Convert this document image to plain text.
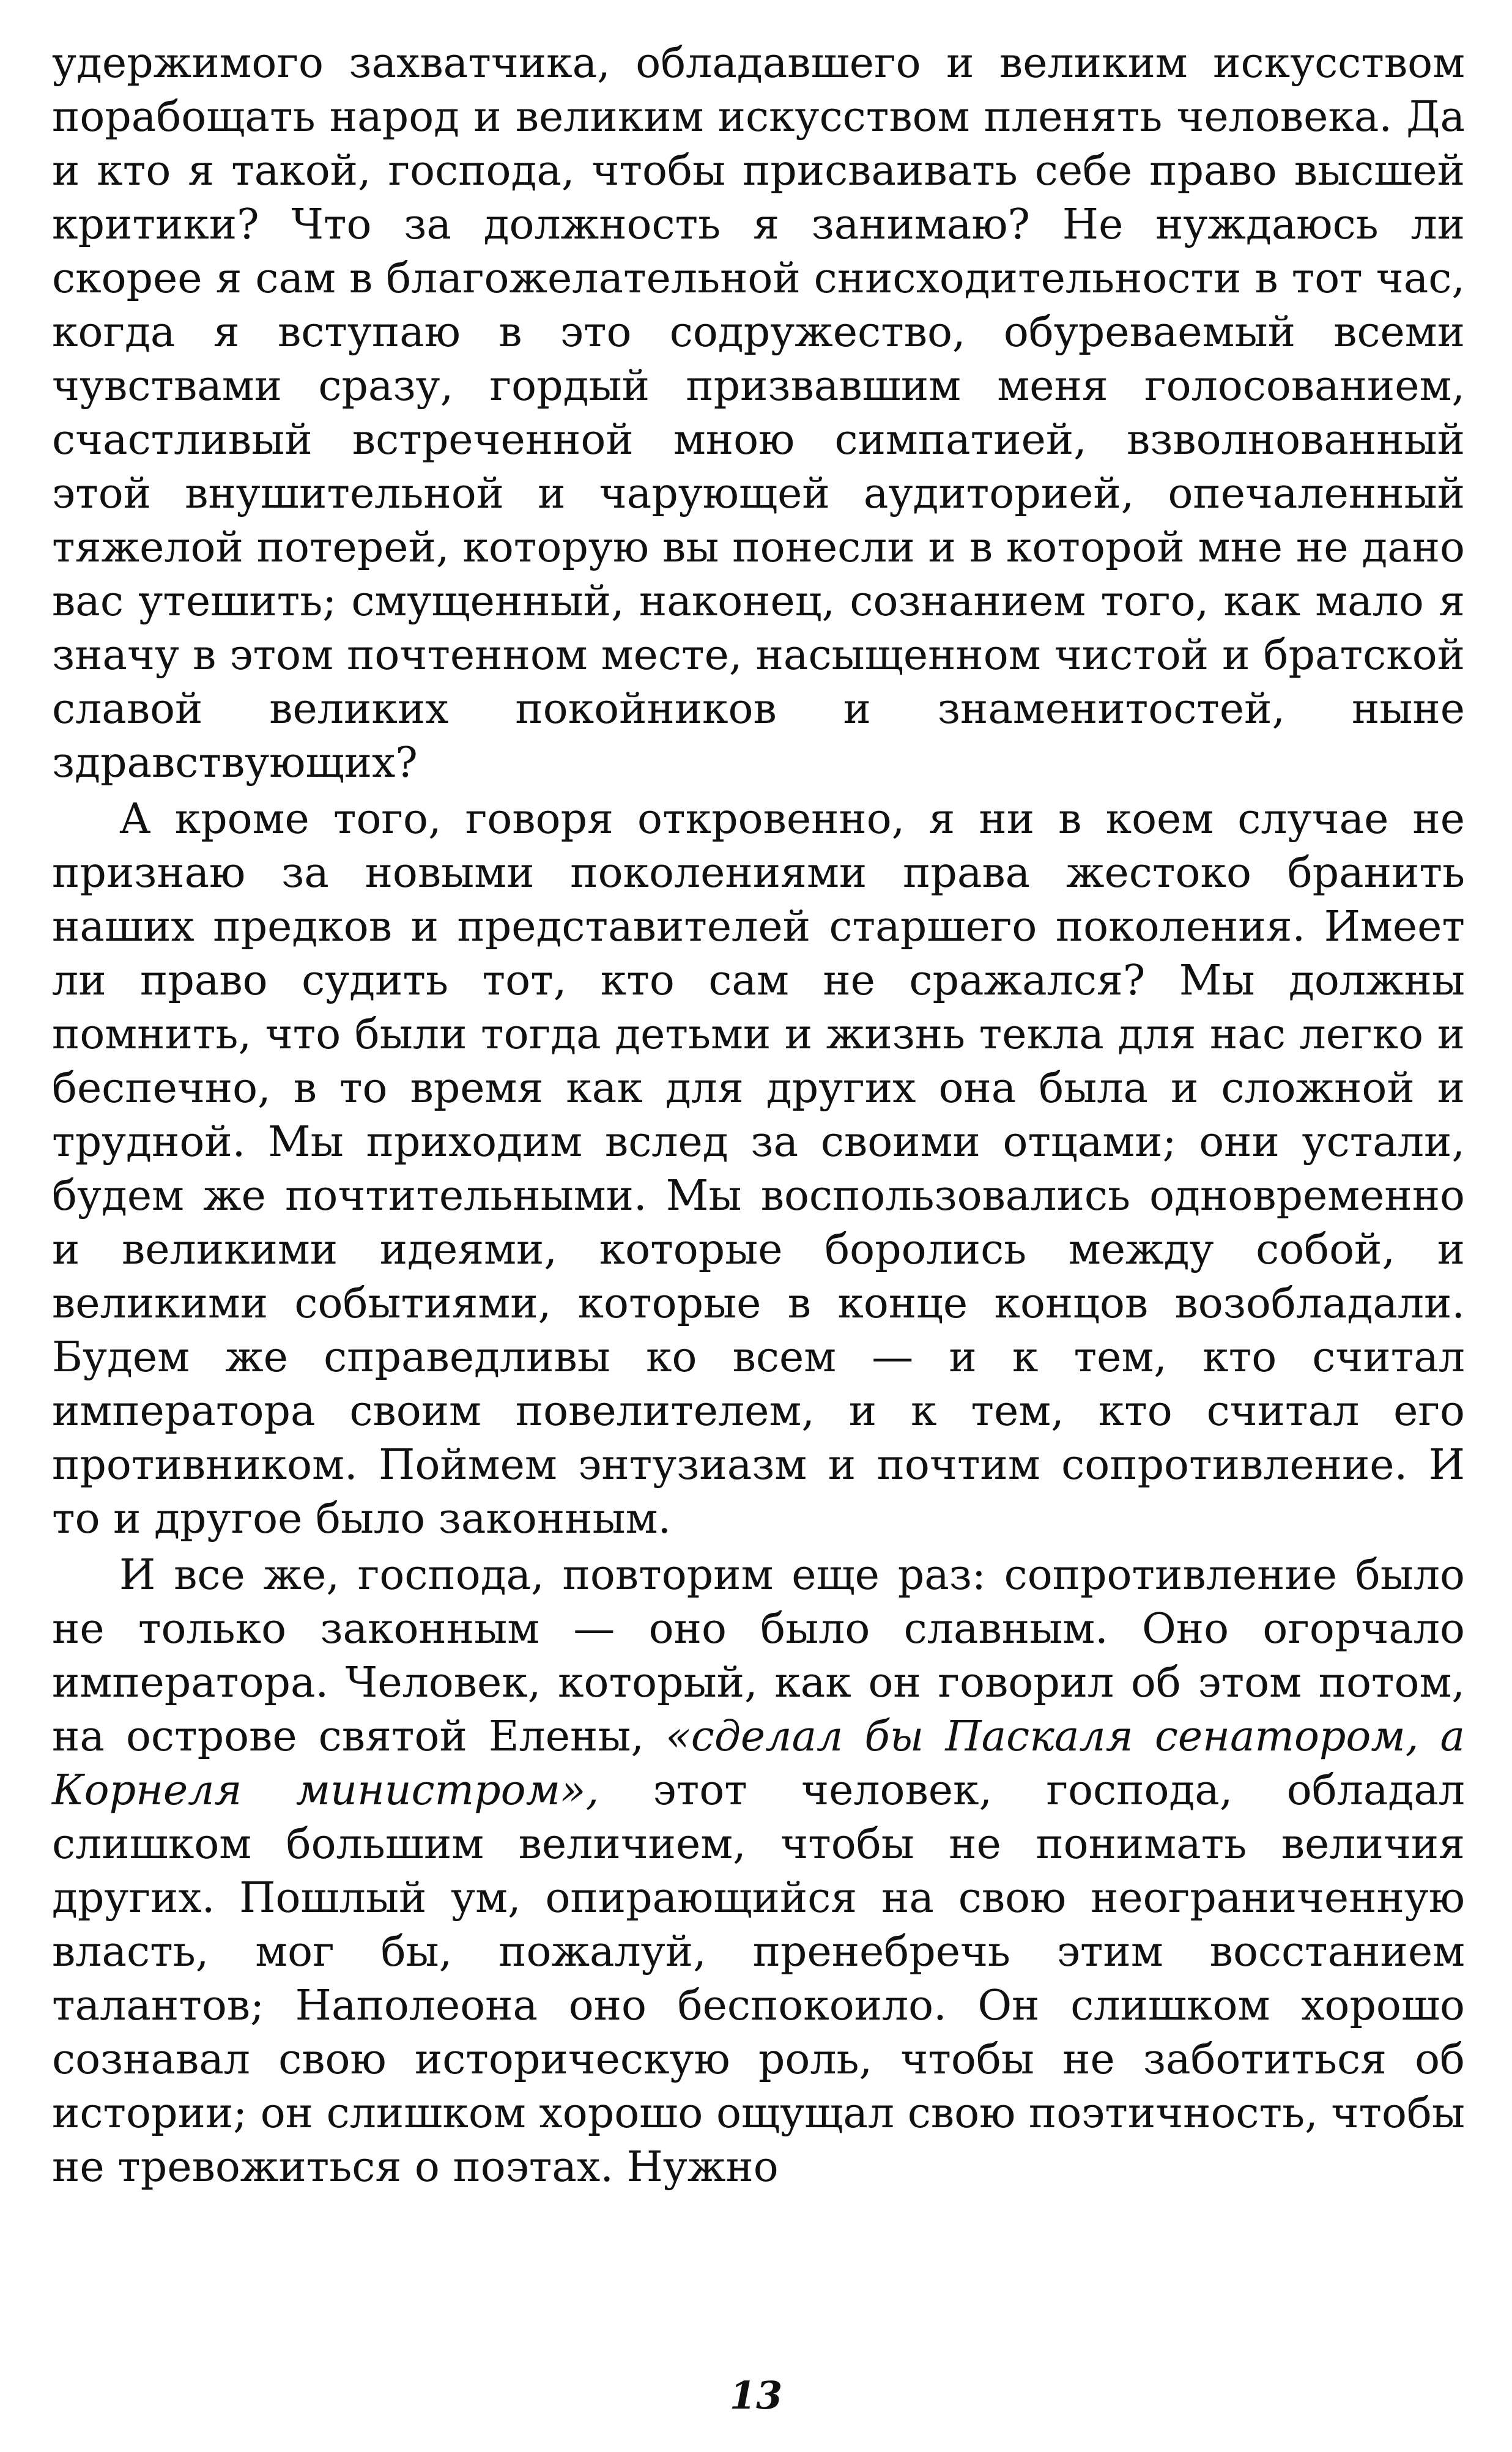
удержимого захватчика, обладавшего и великим искусством порабощать народ и великим искусством пленять человека. Да и кто я такой, господа, чтобы присваивать себе право высшей критики? Что за должность я занимаю? Не нуждаюсь ли скорее я сам в благожелательной снисходительности в тот час, когда я вступаю в это содружество, обуреваемый всеми чувствами сразу, гордый призвавшим меня голосованием, счастливый встреченной мною симпатией, взволнованный этой внушительной и чарующей аудиторией, опечаленный тяжелой потерей, которую вы понесли и в которой мне не дано вас утешить; смущенный, наконец, сознанием того, как мало я значу в этом почтенном месте, насыщенном чистой и братской славой великих покойников и знаменитостей, ныне здравствующих?

А кроме того, говоря откровенно, я ни в коем случае не признаю за новыми поколениями права жестоко бранить наших предков и представителей старшего поколения. Имеет ли право судить тот, кто сам не сражался? Мы должны помнить, что были тогда детьми и жизнь текла для нас легко и беспечно, в то время как для других она была и сложной и трудной. Мы приходим вслед за своими отцами; они устали, будем же почтительными. Мы воспользовались одновременно и великими идеями, которые боролись между собой, и великими событиями, которые в конце концов возобладали. Будем же справедливы ко всем — и к тем, кто считал императора своим повелителем, и к тем, кто считал его противником. Поймем энтузиазм и почтим сопротивление. И то и другое было законным.

И все же, господа, повторим еще раз: сопротивление было не только законным — оно было славным. Оно огорчало императора. Человек, который, как он говорил об этом потом, на острове святой Елены, «сделал бы Паскаля сенатором, а Корнеля министром», этот человек, господа, обладал слишком большим величием, чтобы не понимать величия других. Пошлый ум, опирающийся на свою неограниченную власть, мог бы, пожалуй, пренебречь этим восстанием талантов; Наполеона оно беспокоило. Он слишком хорошо сознавал свою историческую роль, чтобы не заботиться об истории; он слишком хорошо ощущал свою поэтичность, чтобы не тревожиться о поэтах. Нужно

13
